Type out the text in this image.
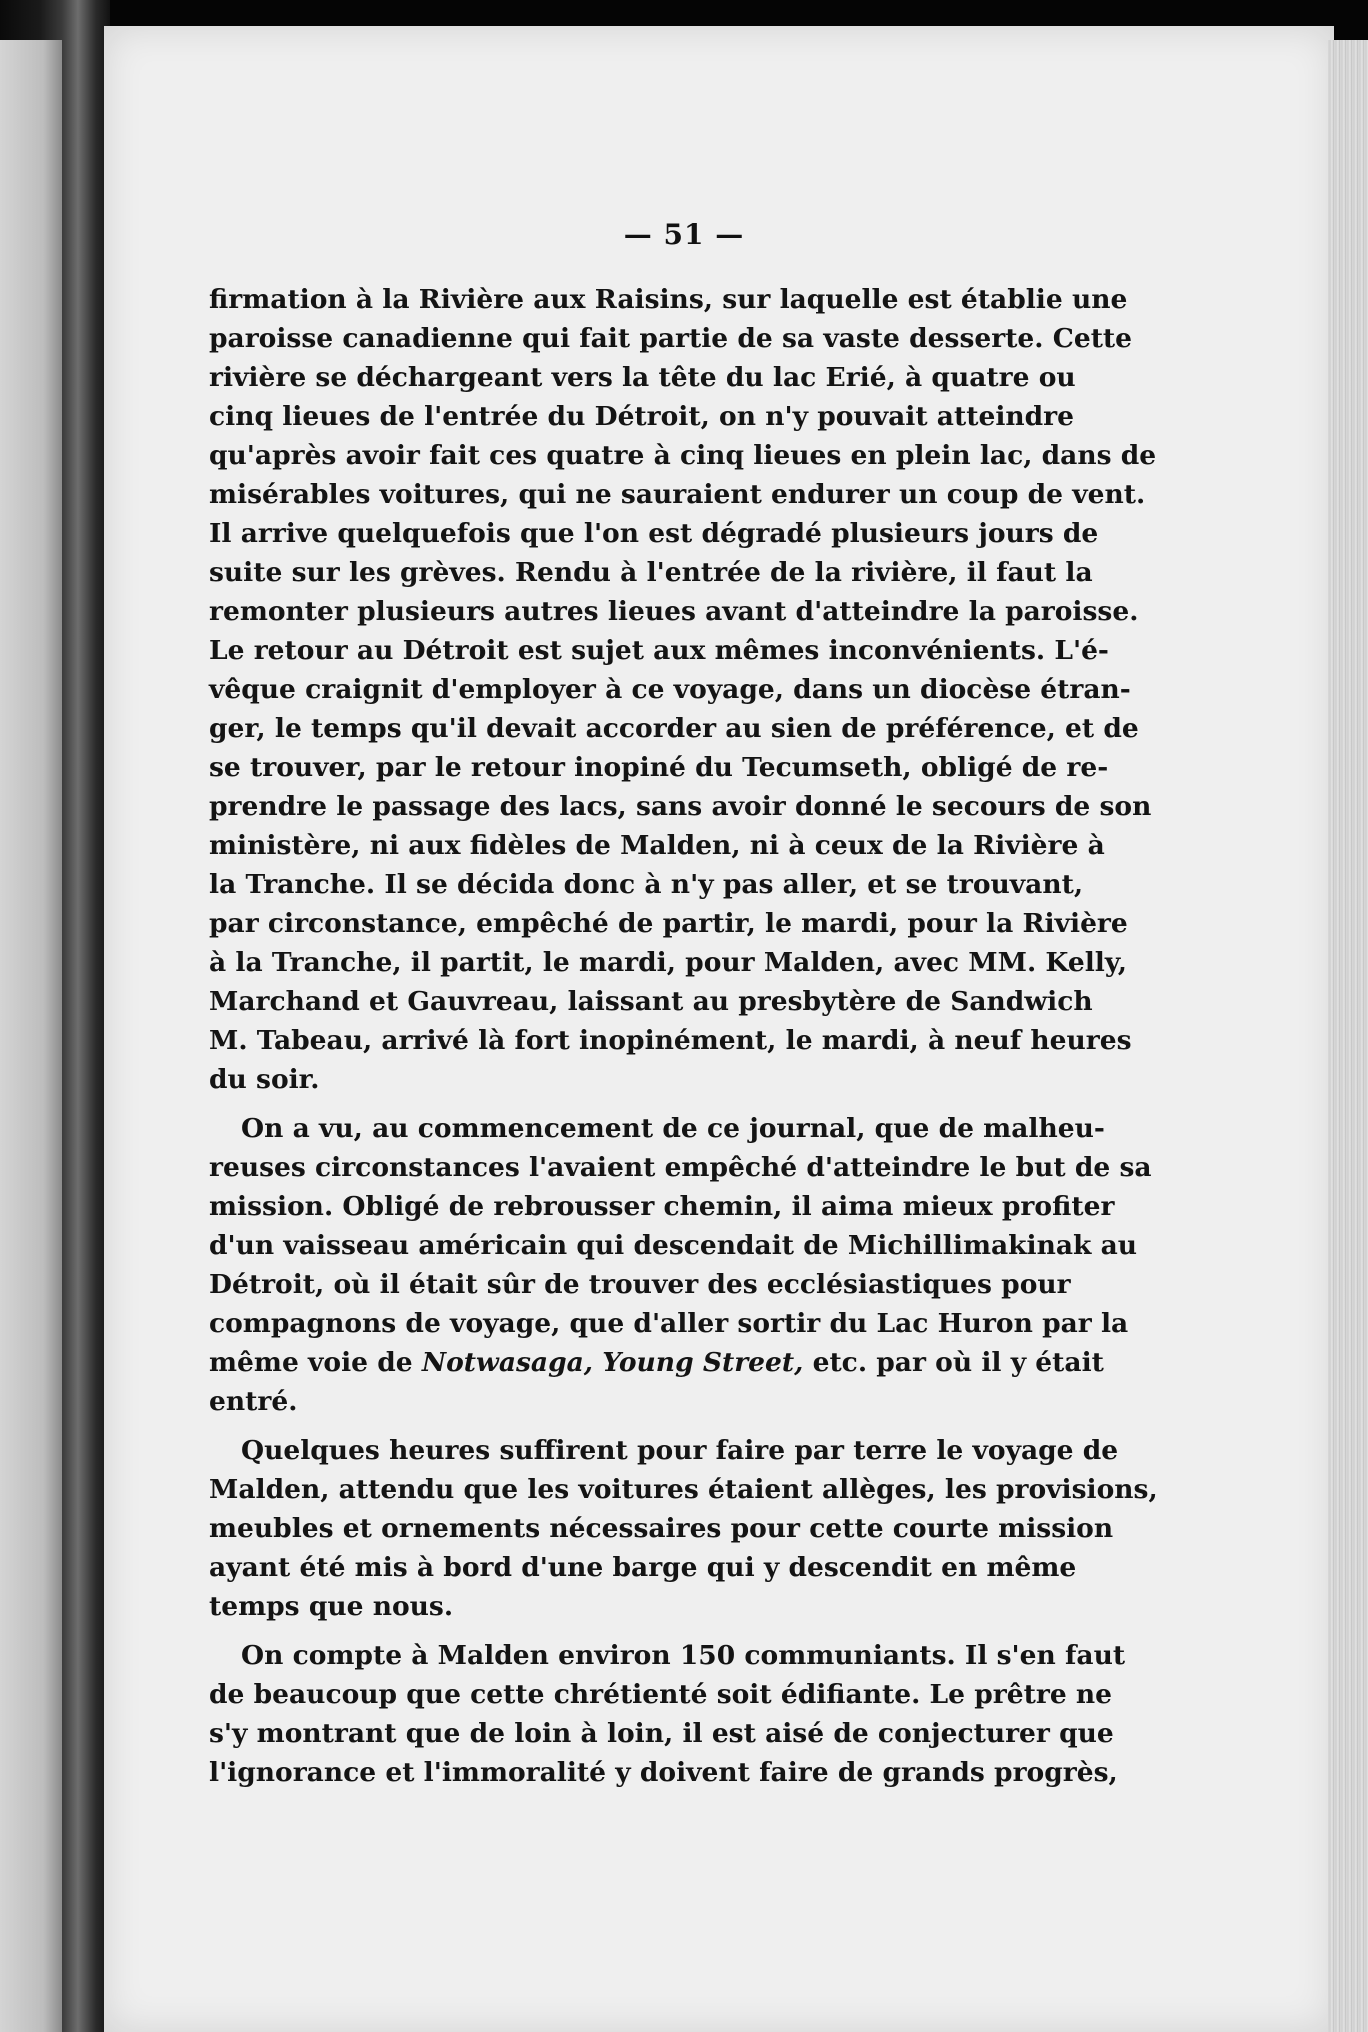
— 51 —
firmation à la Rivière aux Raisins, sur laquelle est établie une
paroisse canadienne qui fait partie de sa vaste desserte. Cette
rivière se déchargeant vers la tête du lac Erié, à quatre ou
cinq lieues de l'entrée du Détroit, on n'y pouvait atteindre
qu'après avoir fait ces quatre à cinq lieues en plein lac, dans de
misérables voitures, qui ne sauraient endurer un coup de vent.
Il arrive quelquefois que l'on est dégradé plusieurs jours de
suite sur les grèves. Rendu à l'entrée de la rivière, il faut la
remonter plusieurs autres lieues avant d'atteindre la paroisse.
Le retour au Détroit est sujet aux mêmes inconvénients. L'é-
vêque craignit d'employer à ce voyage, dans un diocèse étran-
ger, le temps qu'il devait accorder au sien de préférence, et de
se trouver, par le retour inopiné du Tecumseth, obligé de re-
prendre le passage des lacs, sans avoir donné le secours de son
ministère, ni aux fidèles de Malden, ni à ceux de la Rivière à
la Tranche. Il se décida donc à n'y pas aller, et se trouvant,
par circonstance, empêché de partir, le mardi, pour la Rivière
à la Tranche, il partit, le mardi, pour Malden, avec MM. Kelly,
Marchand et Gauvreau, laissant au presbytère de Sandwich
M. Tabeau, arrivé là fort inopinément, le mardi, à neuf heures
du soir.
On a vu, au commencement de ce journal, que de malheu-
reuses circonstances l'avaient empêché d'atteindre le but de sa
mission. Obligé de rebrousser chemin, il aima mieux profiter
d'un vaisseau américain qui descendait de Michillimakinak au
Détroit, où il était sûr de trouver des ecclésiastiques pour
compagnons de voyage, que d'aller sortir du Lac Huron par la
même voie de Notwasaga, Young Street, etc. par où il y était
entré.
Quelques heures suffirent pour faire par terre le voyage de
Malden, attendu que les voitures étaient allèges, les provisions,
meubles et ornements nécessaires pour cette courte mission
ayant été mis à bord d'une barge qui y descendit en même
temps que nous.
On compte à Malden environ 150 communiants. Il s'en faut
de beaucoup que cette chrétienté soit édifiante. Le prêtre ne
s'y montrant que de loin à loin, il est aisé de conjecturer que
l'ignorance et l'immoralité y doivent faire de grands progrès,
